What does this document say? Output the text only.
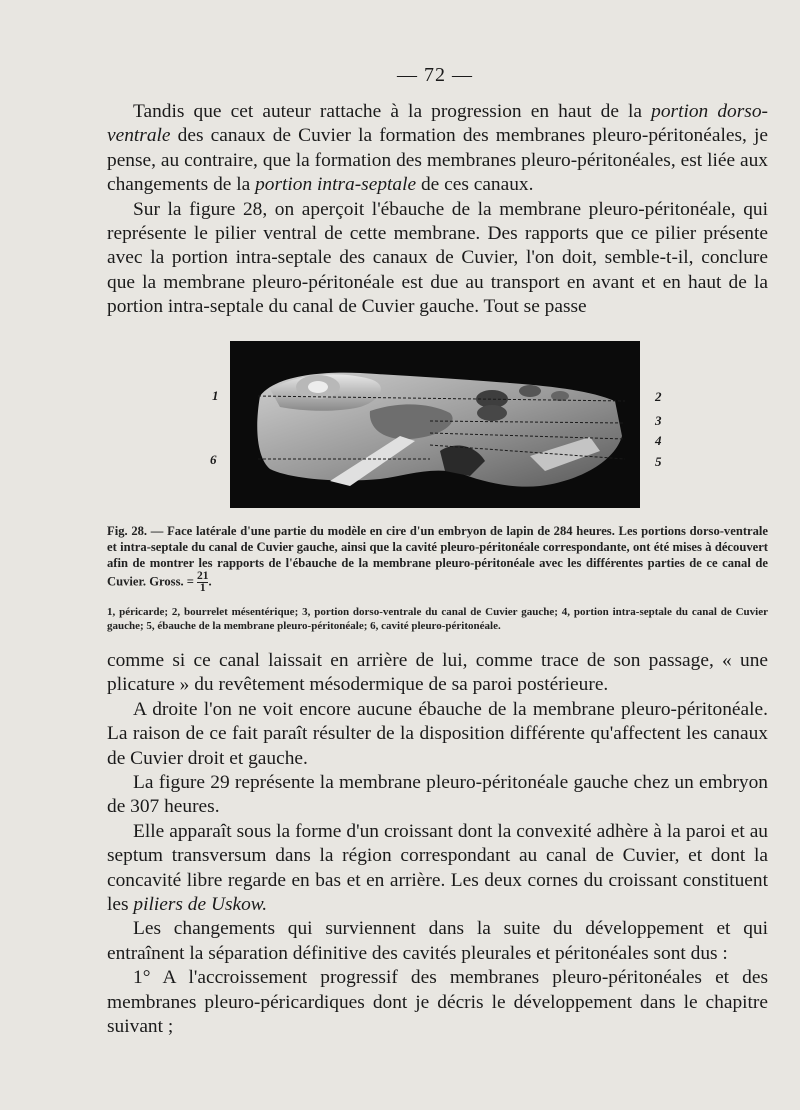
— 72 —

Tandis que cet auteur rattache à la progression en haut de la portion dorso-ventrale des canaux de Cuvier la formation des membranes pleuro-péritonéales, je pense, au contraire, que la formation des membranes pleuro-péritonéales, est liée aux changements de la portion intra-septale de ces canaux.

Sur la figure 28, on aperçoit l'ébauche de la membrane pleuro-péritonéale, qui représente le pilier ventral de cette membrane. Des rapports que ce pilier présente avec la portion intra-septale des canaux de Cuvier, l'on doit, semble-t-il, conclure que la membrane pleuro-péritonéale est due au transport en avant et en haut de la portion intra-septale du canal de Cuvier gauche. Tout se passe

1	2
3
4
5
6

Fig. 28. — Face latérale d'une partie du modèle en cire d'un embryon de lapin de 284 heures. Les portions dorso-ventrale et intra-septale du canal de Cuvier gauche, ainsi que la cavité pleuro-péritonéale correspondante, ont été mises à découvert afin de montrer les rapports de l'ébauche de la membrane pleuro-péritonéale avec les différentes parties de ce canal de Cuvier. Gross. = $\frac{21}{1}$ .

1, péricarde; 2, bourrelet mésentérique; 3, portion dorso-ventrale du canal de Cuvier gauche; 4, portion intra-septale du canal de Cuvier gauche; 5, ébauche de la membrane pleuro-péritonéale; 6, cavité pleuro-péritonéale.

comme si ce canal laissait en arrière de lui, comme trace de son passage, « une plicature » du revêtement mésodermique de sa paroi postérieure.

A droite l'on ne voit encore aucune ébauche de la membrane pleuro-péritonéale. La raison de ce fait paraît résulter de la disposition différente qu'affectent les canaux de Cuvier droit et gauche.

La figure 29 représente la membrane pleuro-péritonéale gauche chez un embryon de 307 heures.

Elle apparaît sous la forme d'un croissant dont la convexité adhère à la paroi et au septum transversum dans la région correspondant au canal de Cuvier, et dont la concavité libre regarde en bas et en arrière. Les deux cornes du croissant constituent les piliers de Uskow.

Les changements qui surviennent dans la suite du développement et qui entraînent la séparation définitive des cavités pleurales et péritonéales sont dus :

1° A l'accroissement progressif des membranes pleuro-péritonéales et des membranes pleuro-péricardiques dont je décris le développement dans le chapitre suivant ;
